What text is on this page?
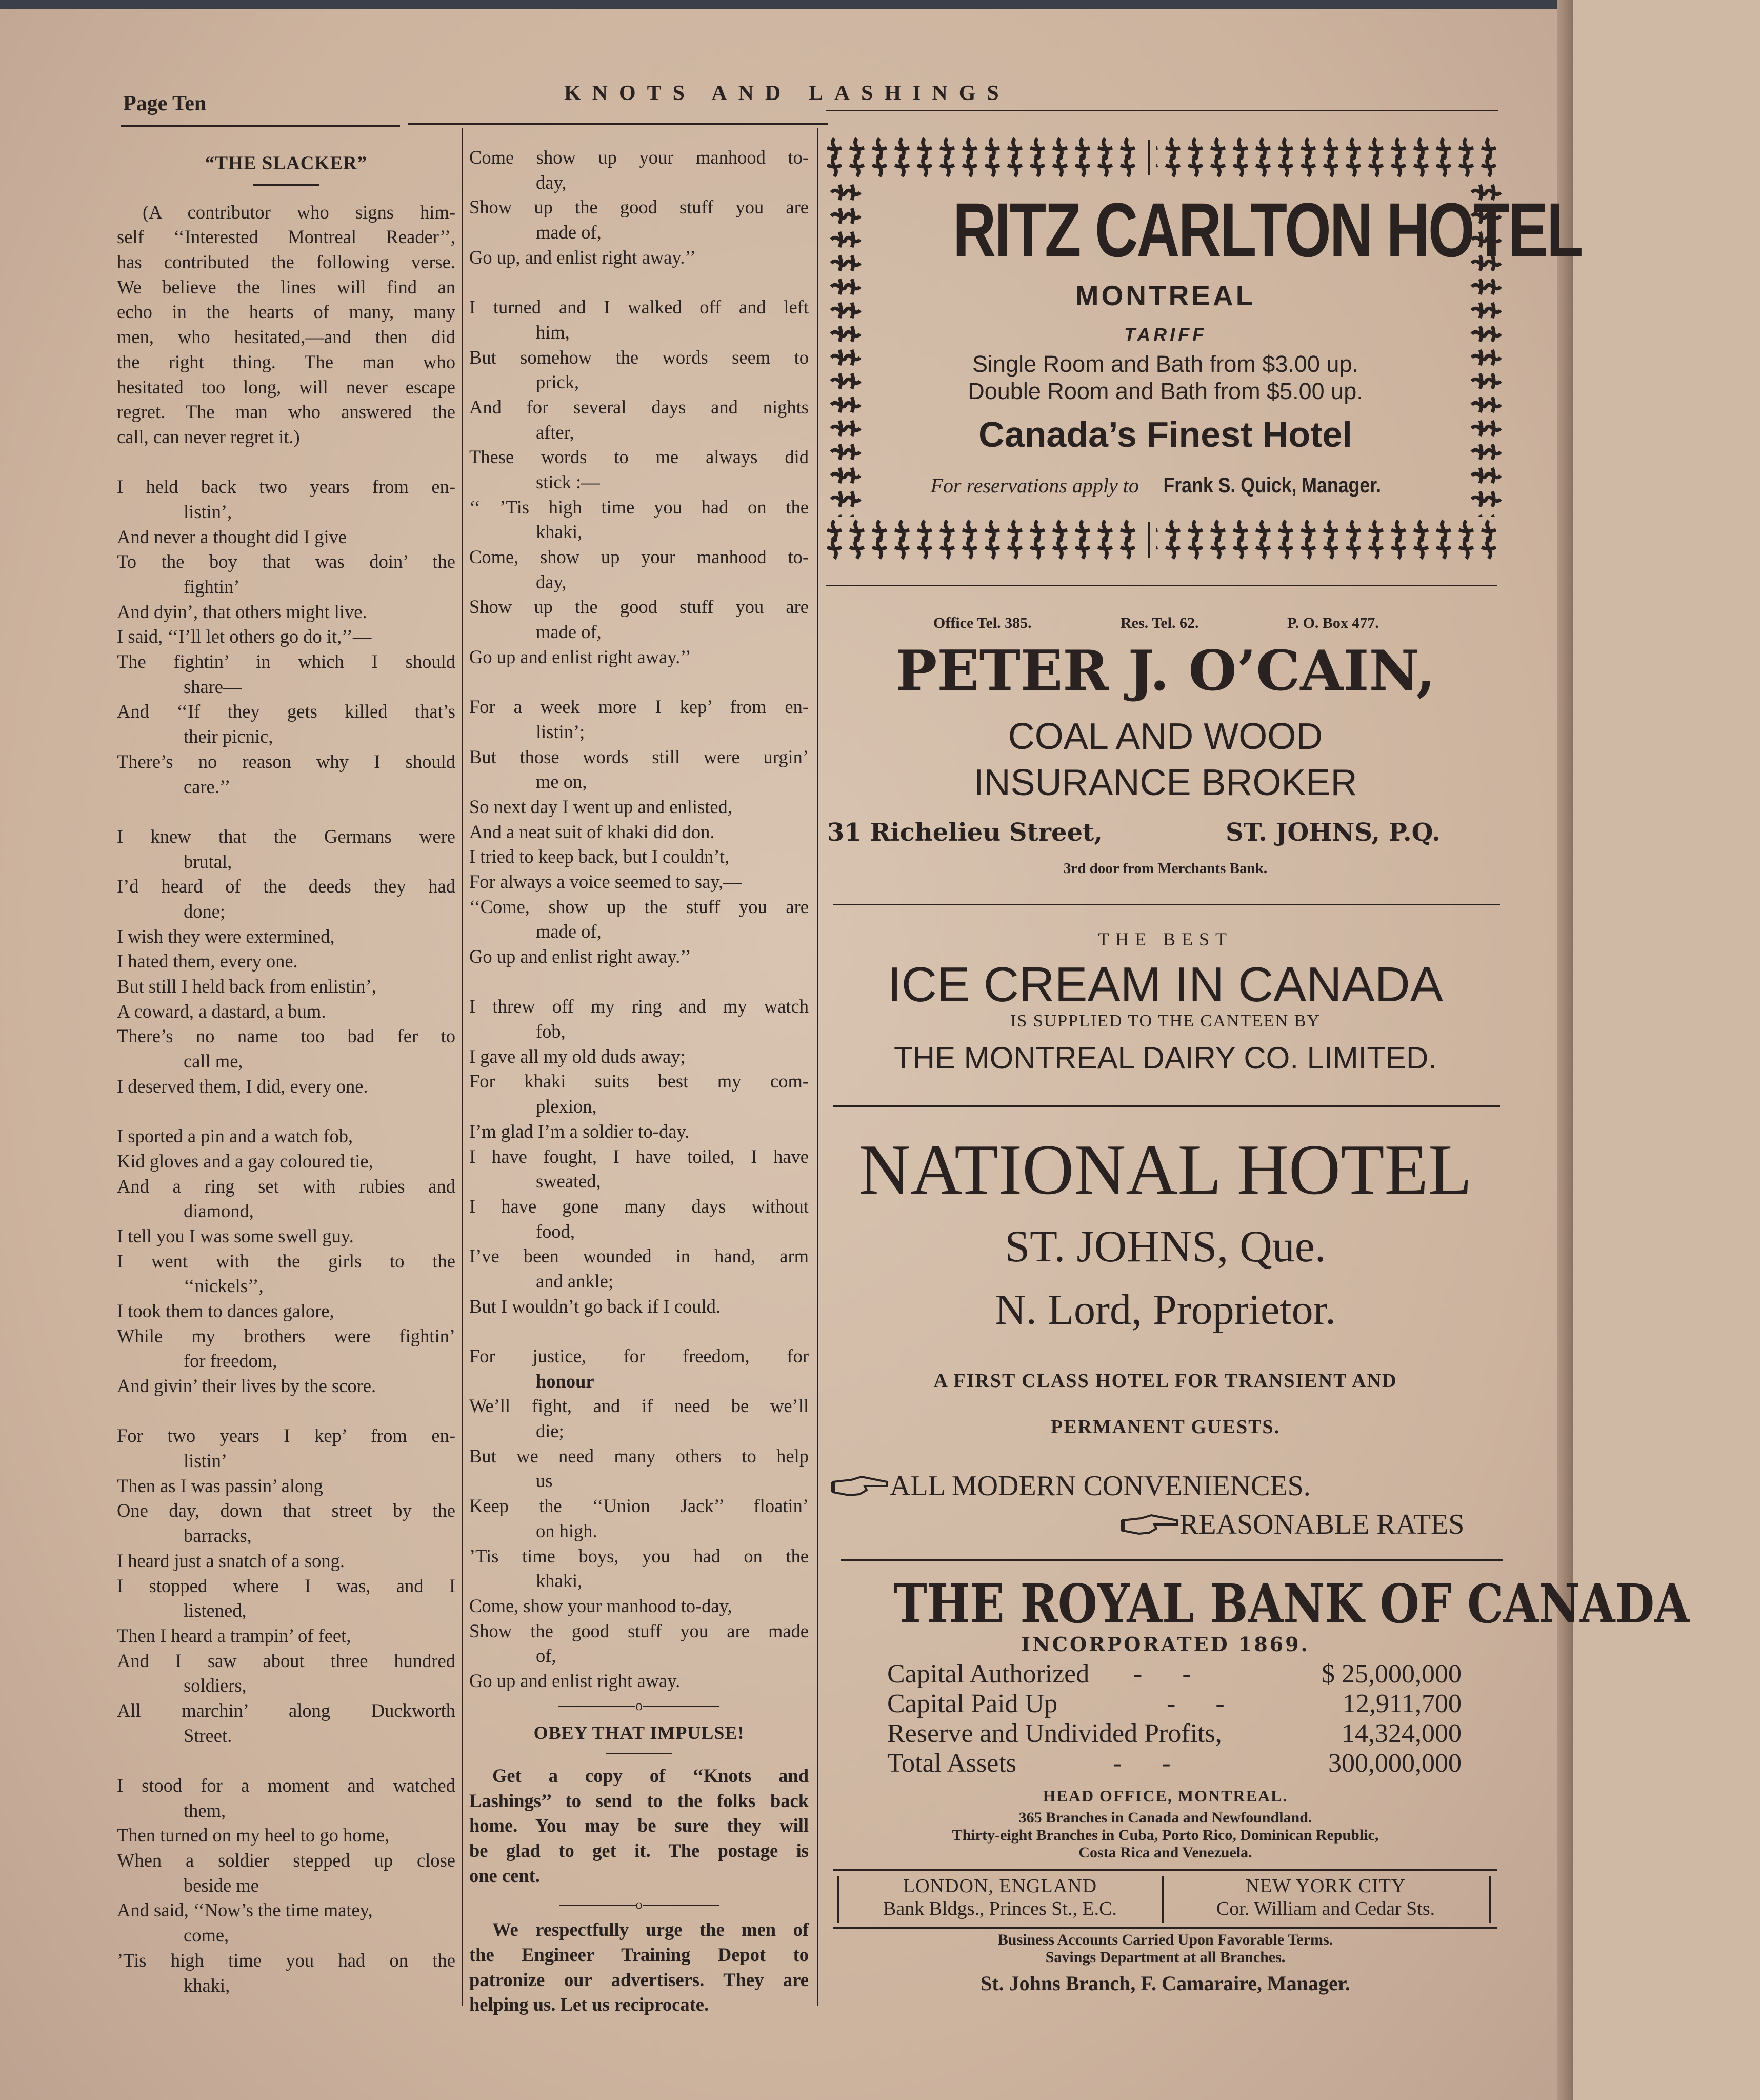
Page Ten	KNOTS AND LASHINGS
“THE SLACKER”
(A contributor who signs him-
self ‘‘Interested Montreal Reader’’,
has contributed the following verse.
We believe the lines will find an
echo in the hearts of many, many
men, who hesitated,—and then did
the right thing. The man who
hesitated too long, will never escape
regret. The man who answered the
call, can never regret it.)
I held back two years from en-
listin’,
And never a thought did I give
To the boy that was doin’ the
fightin’
And dyin’, that others might live.
I said, ‘‘I’ll let others go do it,’’—
The fightin’ in which I should
share—
And ‘‘If they gets killed that’s
their picnic,
There’s no reason why I should
care.’’
I knew that the Germans were
brutal,
I’d heard of the deeds they had
done;
I wish they were extermined,
I hated them, every one.
But still I held back from enlistin’,
A coward, a dastard, a bum.
There’s no name too bad fer to
call me,
I deserved them, I did, every one.
I sported a pin and a watch fob,
Kid gloves and a gay coloured tie,
And a ring set with rubies and
diamond,
I tell you I was some swell guy.
I went with the girls to the
‘‘nickels’’,
I took them to dances galore,
While my brothers were fightin’
for freedom,
And givin’ their lives by the score.
For two years I kep’ from en-
listin’
Then as I was passin’ along
One day, down that street by the
barracks,
I heard just a snatch of a song.
I stopped where I was, and I
listened,
Then I heard a trampin’ of feet,
And I saw about three hundred
soldiers,
All marchin’ along Duckworth
Street.
I stood for a moment and watched
them,
Then turned on my heel to go home,
When a soldier stepped up close
beside me
And said, ‘‘Now’s the time matey,
come,
’Tis high time you had on the
khaki,
Come show up your manhood to-
day,
Show up the good stuff you are
made of,
Go up, and enlist right away.’’
I turned and I walked off and left
him,
But somehow the words seem to
prick,
And for several days and nights
after,
These words to me always did
stick :—
‘‘ ’Tis high time you had on the
khaki,
Come, show up your manhood to-
day,
Show up the good stuff you are
made of,
Go up and enlist right away.’’
For a week more I kep’ from en-
listin’;
But those words still were urgin’
me on,
So next day I went up and enlisted,
And a neat suit of khaki did don.
I tried to keep back, but I couldn’t,
For always a voice seemed to say,—
‘‘Come, show up the stuff you are
made of,
Go up and enlist right away.’’
I threw off my ring and my watch
fob,
I gave all my old duds away;
For khaki suits best my com-
plexion,
I’m glad I’m a soldier to-day.
I have fought, I have toiled, I have
sweated,
I have gone many days without
food,
I’ve been wounded in hand, arm
and ankle;
But I wouldn’t go back if I could.
For justice, for freedom, for
honour
We’ll fight, and if need be we’ll
die;
But we need many others to help
us
Keep the ‘‘Union Jack’’ floatin’
on high.
’Tis time boys, you had on the
khaki,
Come, show your manhood to-day,
Show the good stuff you are made
of,
Go up and enlist right away.
o
OBEY THAT IMPULSE!
Get a copy of ‘‘Knots and
Lashings’’ to send to the folks back
home. You may be sure they will
be glad to get it. The postage is
one cent.
o
We respectfully urge the men of
the Engineer Training Depot to
patronize our advertisers. They are
helping us. Let us reciprocate.
RITZ CARLTON HOTEL
MONTREAL
TARIFF
Single Room and Bath from $3.00 up.
Double Room and Bath from $5.00 up.
Canada’s Finest Hotel
For reservations apply to Frank S. Quick, Manager.
Office Tel. 385.	Res. Tel. 62.	P. O. Box 477.
PETER J. O’CAIN,
COAL AND WOOD
INSURANCE BROKER
31 Richelieu Street,	ST. JOHNS, P.Q.
3rd door from Merchants Bank.
THE BEST
ICE CREAM IN CANADA
IS SUPPLIED TO THE CANTEEN BY
THE MONTREAL DAIRY CO. LIMITED.
NATIONAL HOTEL
ST. JOHNS, Que.
N. Lord, Proprietor.
A FIRST CLASS HOTEL FOR TRANSIENT AND
PERMANENT GUESTS.
ALL MODERN CONVENIENCES.
REASONABLE RATES
THE ROYAL BANK OF CANADA
INCORPORATED 1869.
Capital Authorized -      -	$ 25,000,000
Capital Paid Up	-      -	12,911,700
Reserve and Undivided Profits,	14,324,000
Total Assets	-      -	300,000,000
HEAD OFFICE, MONTREAL.
365 Branches in Canada and Newfoundland.
Thirty-eight Branches in Cuba, Porto Rico, Dominican Republic,
Costa Rica and Venezuela.
LONDON, ENGLAND
Bank Bldgs., Princes St., E.C.
NEW YORK CITY
Cor. William and Cedar Sts.
Business Accounts Carried Upon Favorable Terms.
Savings Department at all Branches.
St. Johns Branch, F. Camaraire, Manager.
